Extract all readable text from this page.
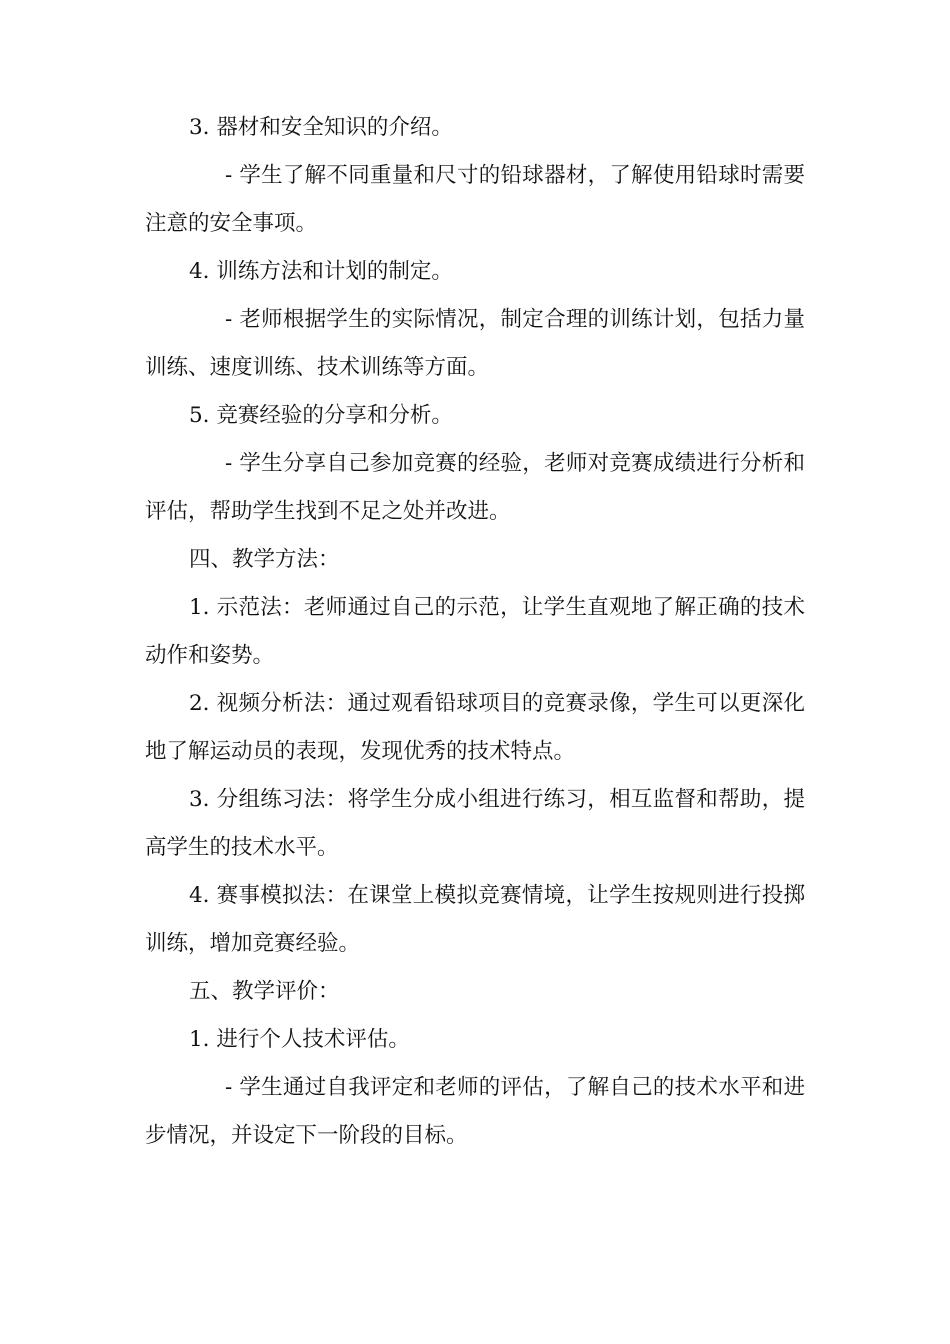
3. 器材和安全知识的介绍。

- 学生了解不同重量和尺寸的铅球器材，了解使用铅球时需要注意的安全事项。

4. 训练方法和计划的制定。

- 老师根据学生的实际情况，制定合理的训练计划，包括力量训练、速度训练、技术训练等方面。

5. 竞赛经验的分享和分析。

- 学生分享自己参加竞赛的经验，老师对竞赛成绩进行分析和评估，帮助学生找到不足之处并改进。

四、教学方法：

1. 示范法：老师通过自己的示范，让学生直观地了解正确的技术动作和姿势。

2. 视频分析法：通过观看铅球项目的竞赛录像，学生可以更深化地了解运动员的表现，发现优秀的技术特点。

3. 分组练习法：将学生分成小组进行练习，相互监督和帮助，提高学生的技术水平。

4. 赛事模拟法：在课堂上模拟竞赛情境，让学生按规则进行投掷训练，增加竞赛经验。

五、教学评价：

1. 进行个人技术评估。

- 学生通过自我评定和老师的评估，了解自己的技术水平和进步情况，并设定下一阶段的目标。
